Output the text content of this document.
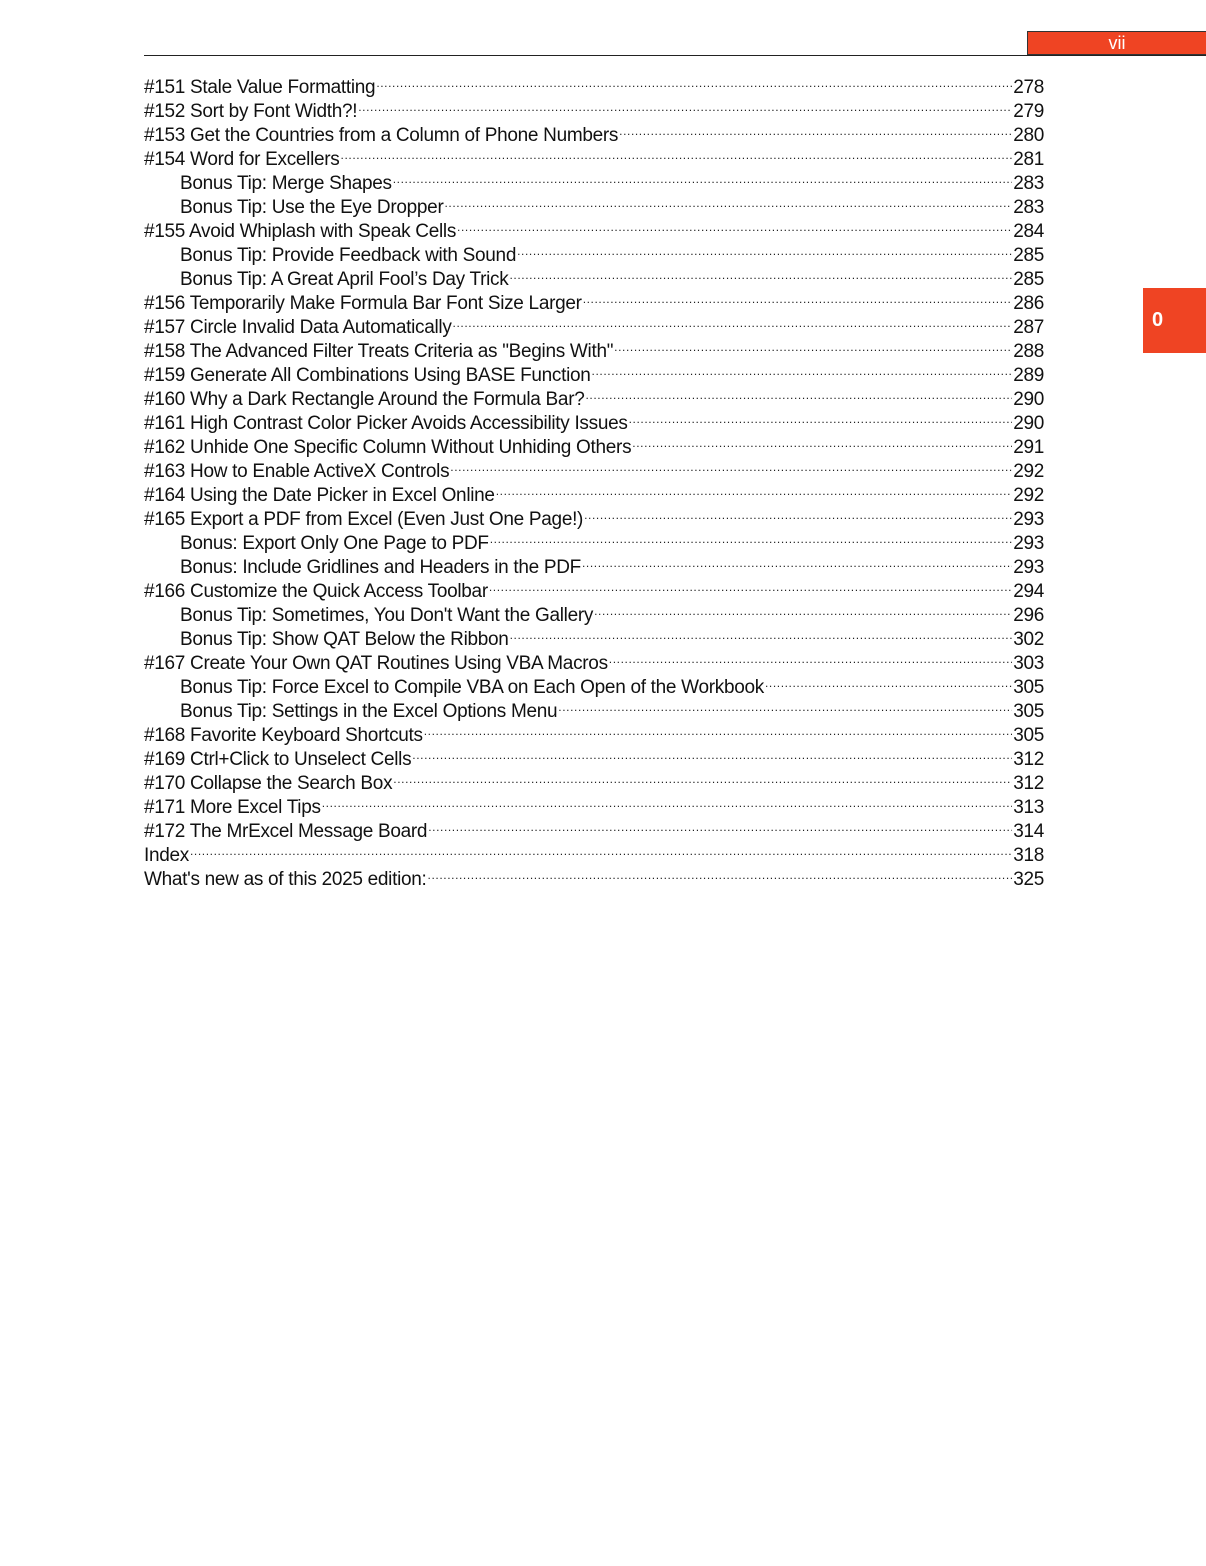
vii
0
#151 Stale Value Formatting .....	278
#152 Sort by Font Width?! .....	279
#153 Get the Countries from a Column of Phone Numbers .....	280
#154 Word for Excellers .....	281
Bonus Tip: Merge Shapes .....	283
Bonus Tip: Use the Eye Dropper .....	283
#155 Avoid Whiplash with Speak Cells .....	284
Bonus Tip: Provide Feedback with Sound .....	285
Bonus Tip: A Great April Fool’s Day Trick .....	285
#156 Temporarily Make Formula Bar Font Size Larger .....	286
#157 Circle Invalid Data Automatically .....	287
#158 The Advanced Filter Treats Criteria as "Begins With" .....	288
#159 Generate All Combinations Using BASE Function .....	289
#160 Why a Dark Rectangle Around the Formula Bar? .....	290
#161 High Contrast Color Picker Avoids Accessibility Issues .....	290
#162 Unhide One Specific Column Without Unhiding Others .....	291
#163 How to Enable ActiveX Controls .....	292
#164 Using the Date Picker in Excel Online .....	292
#165 Export a PDF from Excel (Even Just One Page!) .....	293
Bonus: Export Only One Page to PDF .....	293
Bonus: Include Gridlines and Headers in the PDF .....	293
#166 Customize the Quick Access Toolbar .....	294
Bonus Tip: Sometimes, You Don't Want the Gallery .....	296
Bonus Tip: Show QAT Below the Ribbon .....	302
#167 Create Your Own QAT Routines Using VBA Macros .....	303
Bonus Tip: Force Excel to Compile VBA on Each Open of the Workbook .....	305
Bonus Tip: Settings in the Excel Options Menu .....	305
#168 Favorite Keyboard Shortcuts .....	305
#169 Ctrl+Click to Unselect Cells .....	312
#170 Collapse the Search Box .....	312
#171 More Excel Tips .....	313
#172 The MrExcel Message Board .....	314
Index .....	318
What's new as of this 2025 edition: .....	325
